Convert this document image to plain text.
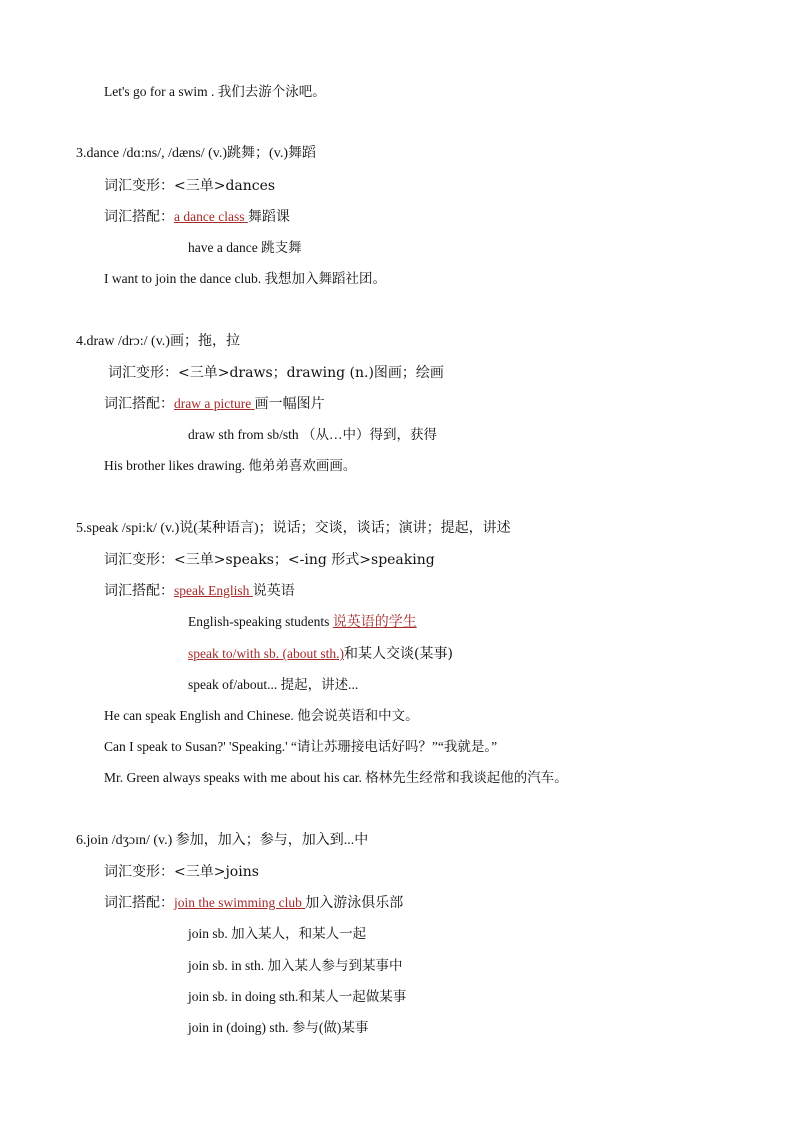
Let's go for a swim . 我们去游个泳吧。
3.dance /dɑ:ns/, /dæns/ (v.)跳舞；(v.)舞蹈
词汇变形：<三单>dances
词汇搭配：a dance class 舞蹈课
have a dance 跳支舞
I want to join the dance club. 我想加入舞蹈社团。
4.draw /drɔ:/ (v.)画；拖，拉
词汇变形：<三单>draws；drawing (n.)图画；绘画
词汇搭配：draw a picture 画一幅图片
draw sth from sb/sth （从…中）得到，获得
His brother likes drawing. 他弟弟喜欢画画。
5.speak /spi:k/ (v.)说(某种语言)；说话；交谈，谈话；演讲；提起，讲述
词汇变形：<三单>speaks；<-ing 形式>speaking
词汇搭配：speak English 说英语
English-speaking students 说英语的学生
speak to/with sb. (about sth.)和某人交谈(某事)
speak of/about... 提起，讲述...
He can speak English and Chinese. 他会说英语和中文。
Can I speak to Susan?' 'Speaking.' “请让苏珊接电话好吗？”“我就是。”
Mr. Green always speaks with me about his car. 格林先生经常和我谈起他的汽车。
6.join /dʒɔɪn/ (v.) 参加，加入；参与，加入到...中
词汇变形：<三单>joins
词汇搭配：join the swimming club 加入游泳俱乐部
join sb. 加入某人，和某人一起
join sb. in sth. 加入某人参与到某事中
join sb. in doing sth.和某人一起做某事
join in (doing) sth. 参与(做)某事
